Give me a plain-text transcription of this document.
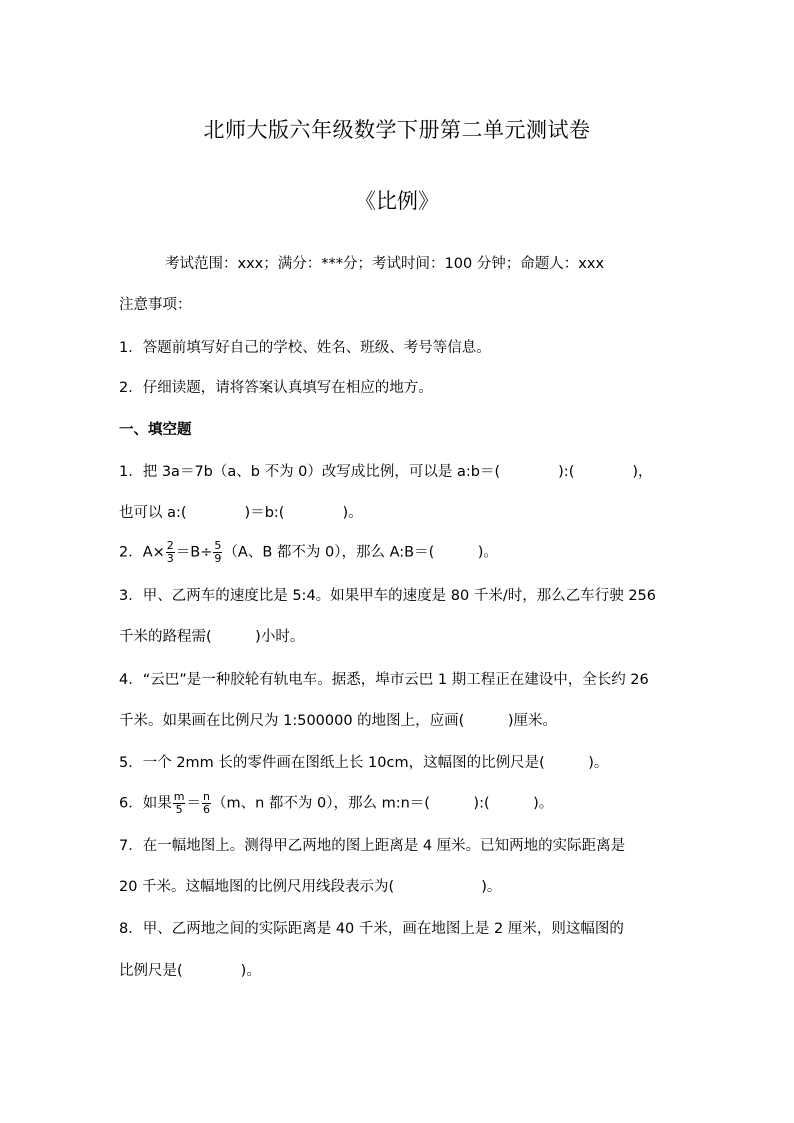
北师大版六年级数学下册第二单元测试卷
《比例》
考试范围：xxx；满分：***分；考试时间：100 分钟；命题人：xxx
注意事项：
1．答题前填写好自己的学校、姓名、班级、考号等信息。
2．仔细读题，请将答案认真填写在相应的地方。
一、填空题
1．把 3a＝7b（a、b 不为 0）改写成比例，可以是 a:b＝(　　　　):(　　　　)，
也可以 a:(　　　　)＝b:(　　　　)。
2．$A\times \frac{2}{3} =B\div \frac{5}{9} (A$、B 都不为 0），那么 A:B＝(　　　)。
3．甲、乙两车的速度比是 5:4。如果甲车的速度是 80 千米/时，那么乙车行驶 256
千米的路程需(　　　)小时。
4．“云巴”是一种胶轮有轨电车。据悉，埠市云巴 1 期工程正在建设中，全长约 26
千米。如果画在比例尺为 1:500000 的地图上，应画(　　　)厘米。
5．一个 2mm 长的零件画在图纸上长 10cm，这幅图的比例尺是(　　　)。
6．如果 $\frac{m}{5} = \frac{n}{6} (m$、n 都不为 0），那么 m:n＝(　　　):(　　　)。
7．在一幅地图上。测得甲乙两地的图上距离是 4 厘米。已知两地的实际距离是
20 千米。这幅地图的比例尺用线段表示为(　　　　　　)。
8．甲、乙两地之间的实际距离是 40 千米，画在地图上是 2 厘米，则这幅图的
比例尺是(　　　　)。
